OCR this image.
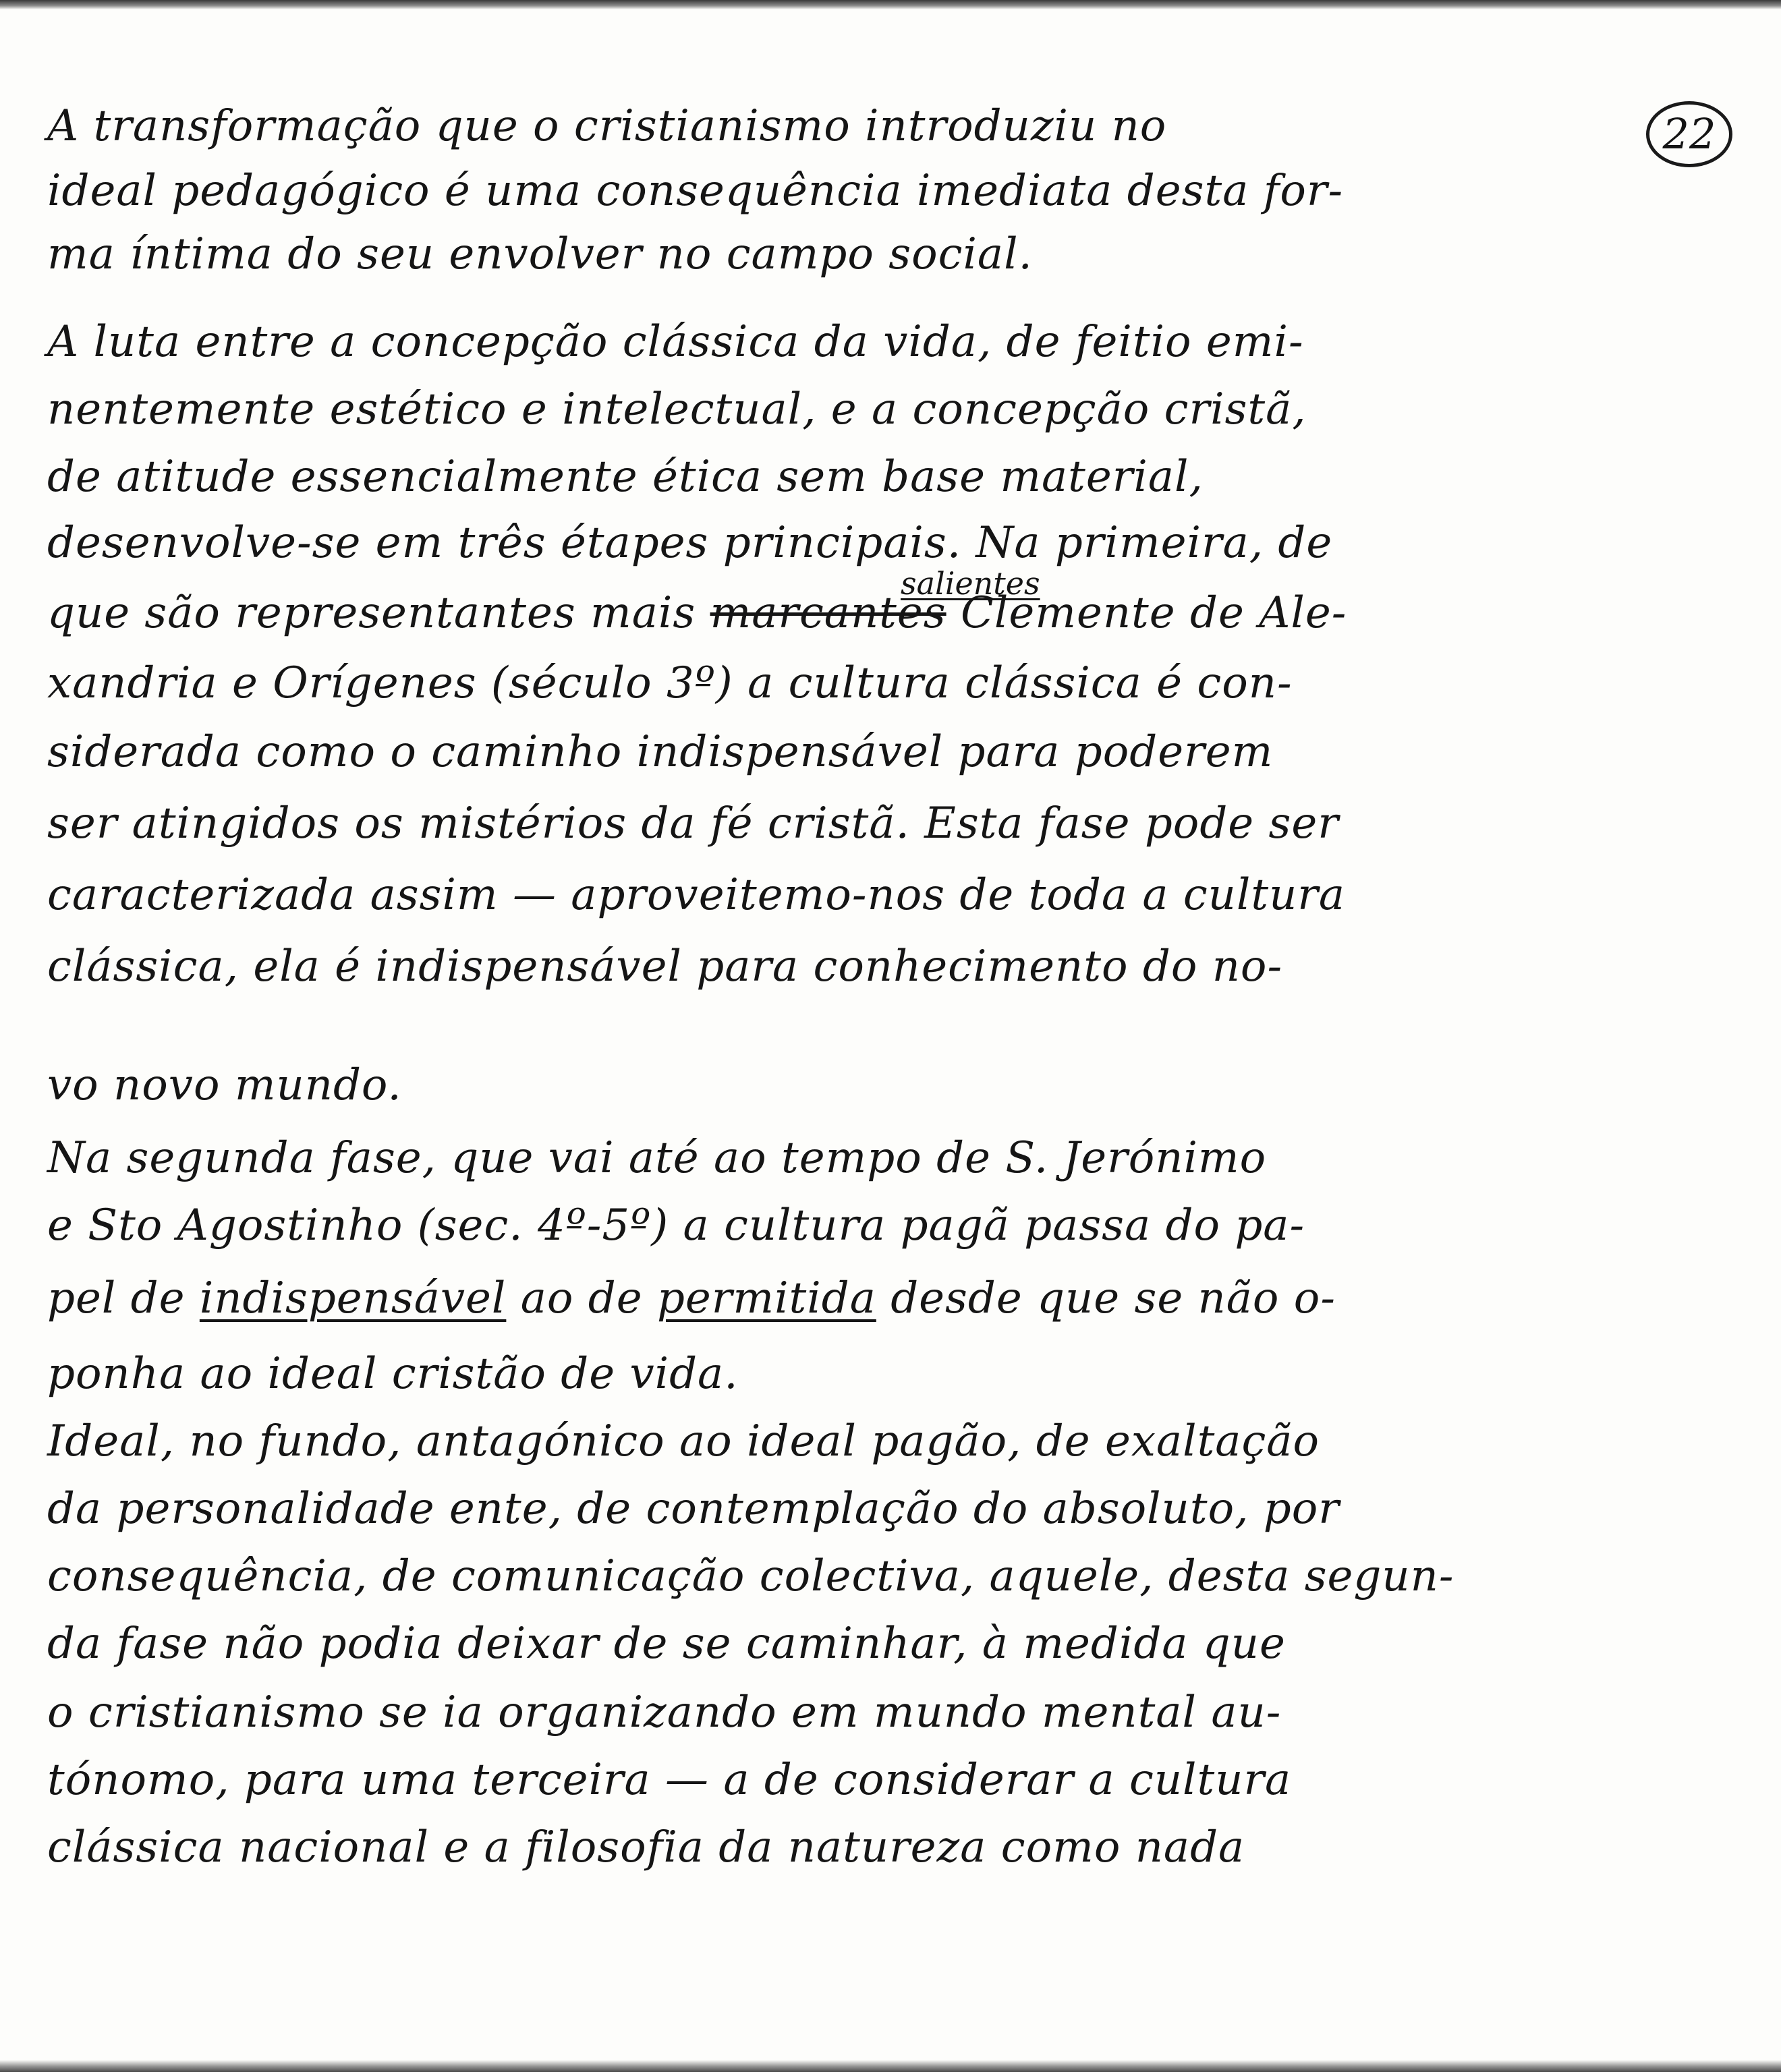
22
A transformação que o cristianismo introduziu no
ideal pedagógico é uma consequência imediata desta for-
ma íntima do seu envolver no campo social.
A luta entre a concepção clássica da vida, de feitio emi-
nentemente estético e intelectual, e a concepção cristã,
de atitude essencialmente ética sem base material,
desenvolve-se em três étapes principais. Na primeira, de
que são representantes mais marcantes Clemente de Ale-
xandria e Orígenes (século 3º) a cultura clássica é con-
siderada como o caminho indispensável para poderem
ser atingidos os mistérios da fé cristã. Esta fase pode ser
caracterizada assim — aproveitemo-nos de toda a cultura
clássica, ela é indispensável para conhecimento do no-
vo novo mundo.
Na segunda fase, que vai até ao tempo de S. Jerónimo
e Sto Agostinho (sec. 4º-5º) a cultura pagã passa do pa-
pel de indispensável ao de permitida desde que se não o-
ponha ao ideal cristão de vida.
Ideal, no fundo, antagónico ao ideal pagão, de exaltação
da personalidade ente, de contemplação do absoluto, por
consequência, de comunicação colectiva, aquele, desta segun-
da fase não podia deixar de se caminhar, à medida que
o cristianismo se ia organizando em mundo mental au-
tónomo, para uma terceira — a de considerar a cultura
clássica nacional e a filosofia da natureza como nada
salientes
